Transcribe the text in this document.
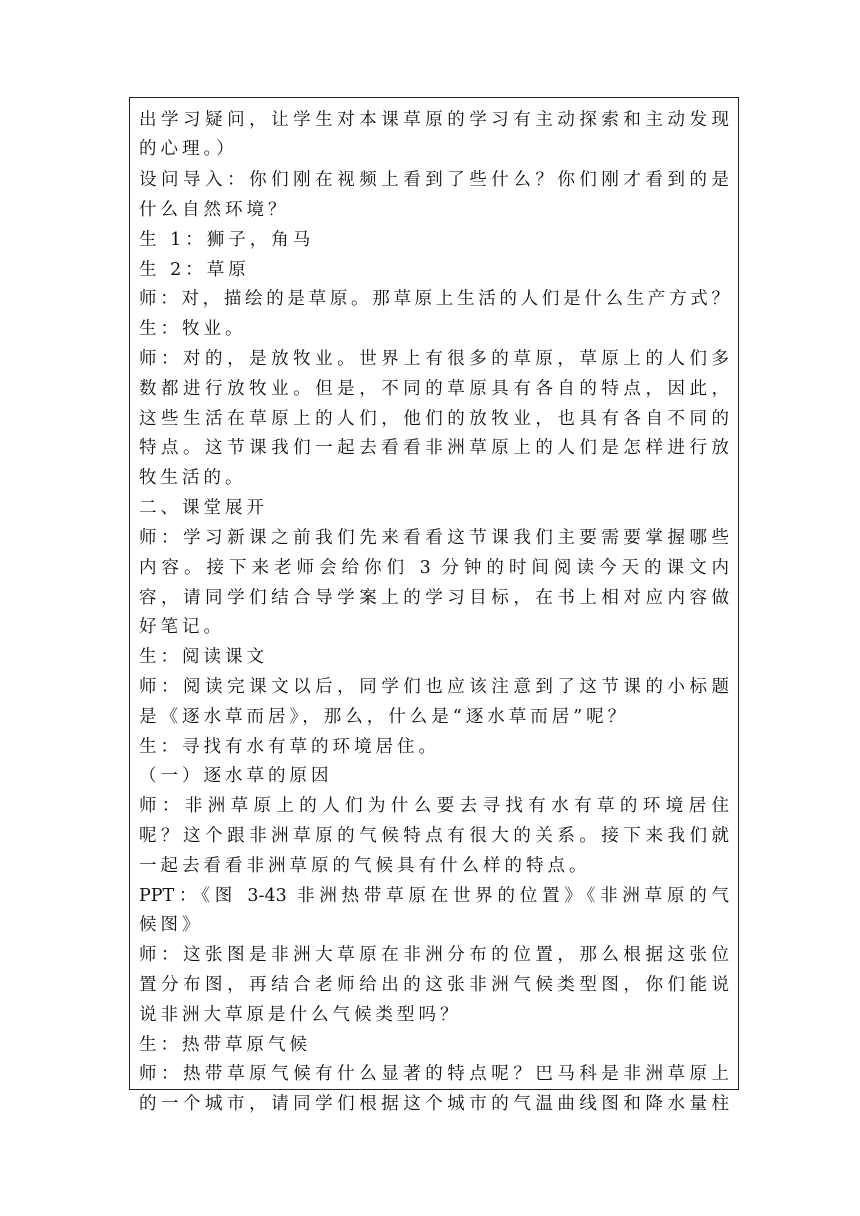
出学习疑问，让学生对本课草原的学习有主动探索和主动发现
的心理。）
设问导入：你们刚在视频上看到了些什么？你们刚才看到的是
什么自然环境？
生 1：狮子，角马
生 2：草原
师：对，描绘的是草原。那草原上生活的人们是什么生产方式？
生：牧业。
师：对的，是放牧业。世界上有很多的草原，草原上的人们多
数都进行放牧业。但是，不同的草原具有各自的特点，因此，
这些生活在草原上的人们，他们的放牧业，也具有各自不同的
特点。这节课我们一起去看看非洲草原上的人们是怎样进行放
牧生活的。
二、课堂展开
师：学习新课之前我们先来看看这节课我们主要需要掌握哪些
内容。接下来老师会给你们 3 分钟的时间阅读今天的课文内
容，请同学们结合导学案上的学习目标，在书上相对应内容做
好笔记。
生：阅读课文
师：阅读完课文以后，同学们也应该注意到了这节课的小标题
是《逐水草而居》，那么，什么是“逐水草而居”呢？
生：寻找有水有草的环境居住。
（一）逐水草的原因
师：非洲草原上的人们为什么要去寻找有水有草的环境居住
呢？这个跟非洲草原的气候特点有很大的关系。接下来我们就
一起去看看非洲草原的气候具有什么样的特点。
PPT：《图 3-43 非洲热带草原在世界的位置》《非洲草原的气
候图》
师：这张图是非洲大草原在非洲分布的位置，那么根据这张位
置分布图，再结合老师给出的这张非洲气候类型图，你们能说
说非洲大草原是什么气候类型吗？
生：热带草原气候
师：热带草原气候有什么显著的特点呢？巴马科是非洲草原上
的一个城市，请同学们根据这个城市的气温曲线图和降水量柱
